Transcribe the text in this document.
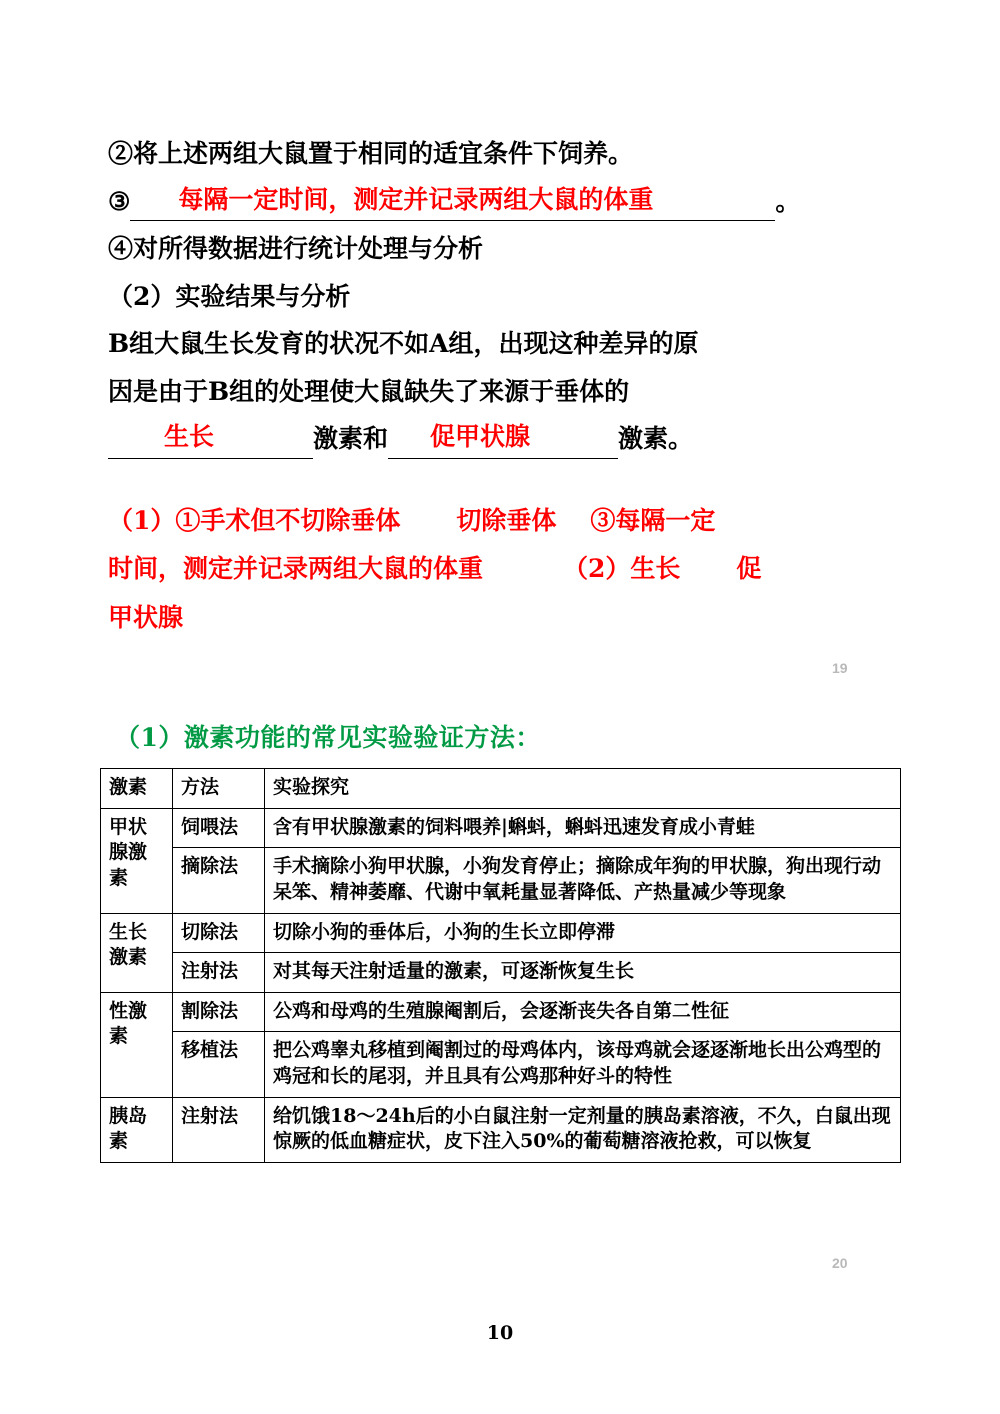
②将上述两组大鼠置于相同的适宜条件下饲养。
③ 每隔一定时间，测定并记录两组大鼠的体重	。
④对所得数据进行统计处理与分析
（2）实验结果与分析
B组大鼠生长发育的状况不如A组，出现这种差异的原
因是由于B组的处理使大鼠缺失了来源于垂体的
生长	激素和 促甲状腺	激素。
（1）①手术但不切除垂体 切除垂体 ③每隔一定
时间，测定并记录两组大鼠的体重	（2）生长 促
甲状腺
19
（1）激素功能的常见实验验证方法：
激素	方法	实验探究
甲状腺激素	饲喂法	含有甲状腺激素的饲料喂养|蝌蚪，蝌蚪迅速发育成小青蛙
	摘除法	手术摘除小狗甲状腺，小狗发育停止；摘除成年狗的甲状腺，狗出现行动呆笨、精神萎靡、代谢中氧耗量显著降低、产热量减少等现象
生长激素	切除法	切除小狗的垂体后，小狗的生长立即停滞
	注射法	对其每天注射适量的激素，可逐渐恢复生长
性激素	割除法	公鸡和母鸡的生殖腺阉割后，会逐渐丧失各自第二性征
	移植法	把公鸡睾丸移植到阉割过的母鸡体内，该母鸡就会逐逐渐地长出公鸡型的鸡冠和长的尾羽，并且具有公鸡那种好斗的特性
胰岛素	注射法	给饥饿18～24h后的小白鼠注射一定剂量的胰岛素溶液，不久，白鼠出现惊厥的低血糖症状，皮下注入50%的葡萄糖溶液抢救，可以恢复
20
10
